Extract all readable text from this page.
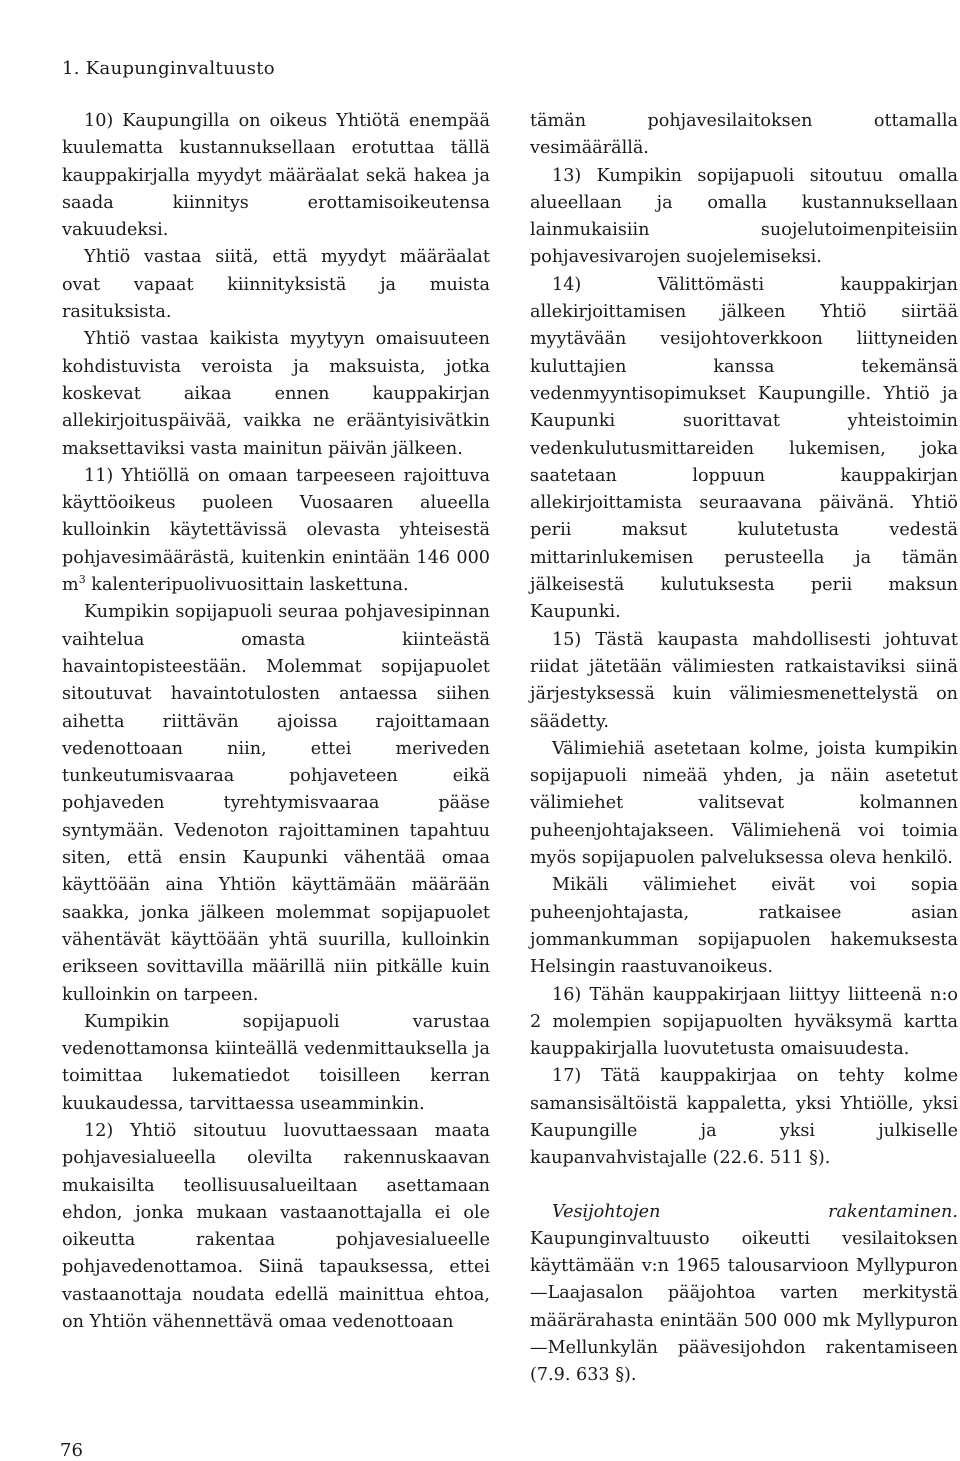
1. Kaupunginvaltuusto

10) Kaupungilla on oikeus Yhtiötä enempää kuulematta kustannuksellaan erotuttaa tällä kauppakirjalla myydyt määräalat sekä hakea ja saada kiinnitys erottamisoikeutensa vakuudeksi.

Yhtiö vastaa siitä, että myydyt määräalat ovat vapaat kiinnityksistä ja muista rasituksista.

Yhtiö vastaa kaikista myytyyn omaisuuteen kohdistuvista veroista ja maksuista, jotka koskevat aikaa ennen kauppakirjan allekirjoituspäivää, vaikka ne erääntyisivätkin maksettaviksi vasta mainitun päivän jälkeen.

11) Yhtiöllä on omaan tarpeeseen rajoittuva käyttöoikeus puoleen Vuosaaren alueella kulloinkin käytettävissä olevasta yhteisestä pohjavesimäärästä, kuitenkin enintään 146 000 $m^3$ kalenteripuolivuosittain laskettuna.

Kumpikin sopijapuoli seuraa pohjavesipinnan vaihtelua omasta kiinteästä havaintopisteestään. Molemmat sopijapuolet sitoutuvat havaintotulosten antaessa siihen aihetta riittävän ajoissa rajoittamaan vedenottoaan niin, ettei meriveden tunkeutumisvaaraa pohjaveteen eikä pohjaveden tyrehtymisvaaraa pääse syntymään. Vedenoton rajoittaminen tapahtuu siten, että ensin Kaupunki vähentää omaa käyttöään aina Yhtiön käyttämään määrään saakka, jonka jälkeen molemmat sopijapuolet vähentävät käyttöään yhtä suurilla, kulloinkin erikseen sovittavilla määrillä niin pitkälle kuin kulloinkin on tarpeen.

Kumpikin sopijapuoli varustaa vedenottamonsa kiinteällä vedenmittauksella ja toimittaa lukematiedot toisilleen kerran kuukaudessa, tarvittaessa useamminkin.

12) Yhtiö sitoutuu luovuttaessaan maata pohjavesialueella olevilta rakennuskaavan mukaisilta teollisuusalueiltaan asettamaan ehdon, jonka mukaan vastaanottajalla ei ole oikeutta rakentaa pohjavesialueelle pohjavedenottamoa. Siinä tapauksessa, ettei vastaanottaja noudata edellä mainittua ehtoa, on Yhtiön vähennettävä omaa vedenottoaan

tämän pohjavesilaitoksen ottamalla vesimäärällä.

13) Kumpikin sopijapuoli sitoutuu omalla alueellaan ja omalla kustannuksellaan lainmukaisiin suojelutoimenpiteisiin pohjavesivarojen suojelemiseksi.

14) Välittömästi kauppakirjan allekirjoittamisen jälkeen Yhtiö siirtää myytävään vesijohtoverkkoon liittyneiden kuluttajien kanssa tekemänsä vedenmyyntisopimukset Kaupungille. Yhtiö ja Kaupunki suorittavat yhteistoimin vedenkulutusmittareiden lukemisen, joka saatetaan loppuun kauppakirjan allekirjoittamista seuraavana päivänä. Yhtiö perii maksut kulutetusta vedestä mittarinlukemisen perusteella ja tämän jälkeisestä kulutuksesta perii maksun Kaupunki.

15) Tästä kaupasta mahdollisesti johtuvat riidat jätetään välimiesten ratkaistaviksi siinä järjestyksessä kuin välimiesmenettelystä on säädetty.

Välimiehiä asetetaan kolme, joista kumpikin sopijapuoli nimeää yhden, ja näin asetetut välimiehet valitsevat kolmannen puheenjohtajakseen. Välimiehenä voi toimia myös sopijapuolen palveluksessa oleva henkilö.

Mikäli välimiehet eivät voi sopia puheenjohtajasta, ratkaisee asian jommankumman sopijapuolen hakemuksesta Helsingin raastuvanoikeus.

16) Tähän kauppakirjaan liittyy liitteenä n:o 2 molempien sopijapuolten hyväksymä kartta kauppakirjalla luovutetusta omaisuudesta.

17) Tätä kauppakirjaa on tehty kolme samansisältöistä kappaletta, yksi Yhtiölle, yksi Kaupungille ja yksi julkiselle kaupanvahvistajalle (22.6. 511 §).

Vesijohtojen rakentaminen. Kaupunginvaltuusto oikeutti vesilaitoksen käyttämään v:n 1965 talousarvioon Myllypuron—Laajasalon pääjohtoa varten merkitystä määrärahasta enintään 500 000 mk Myllypuron—Mellunkylän päävesijohdon rakentamiseen (7.9. 633 §).

76
